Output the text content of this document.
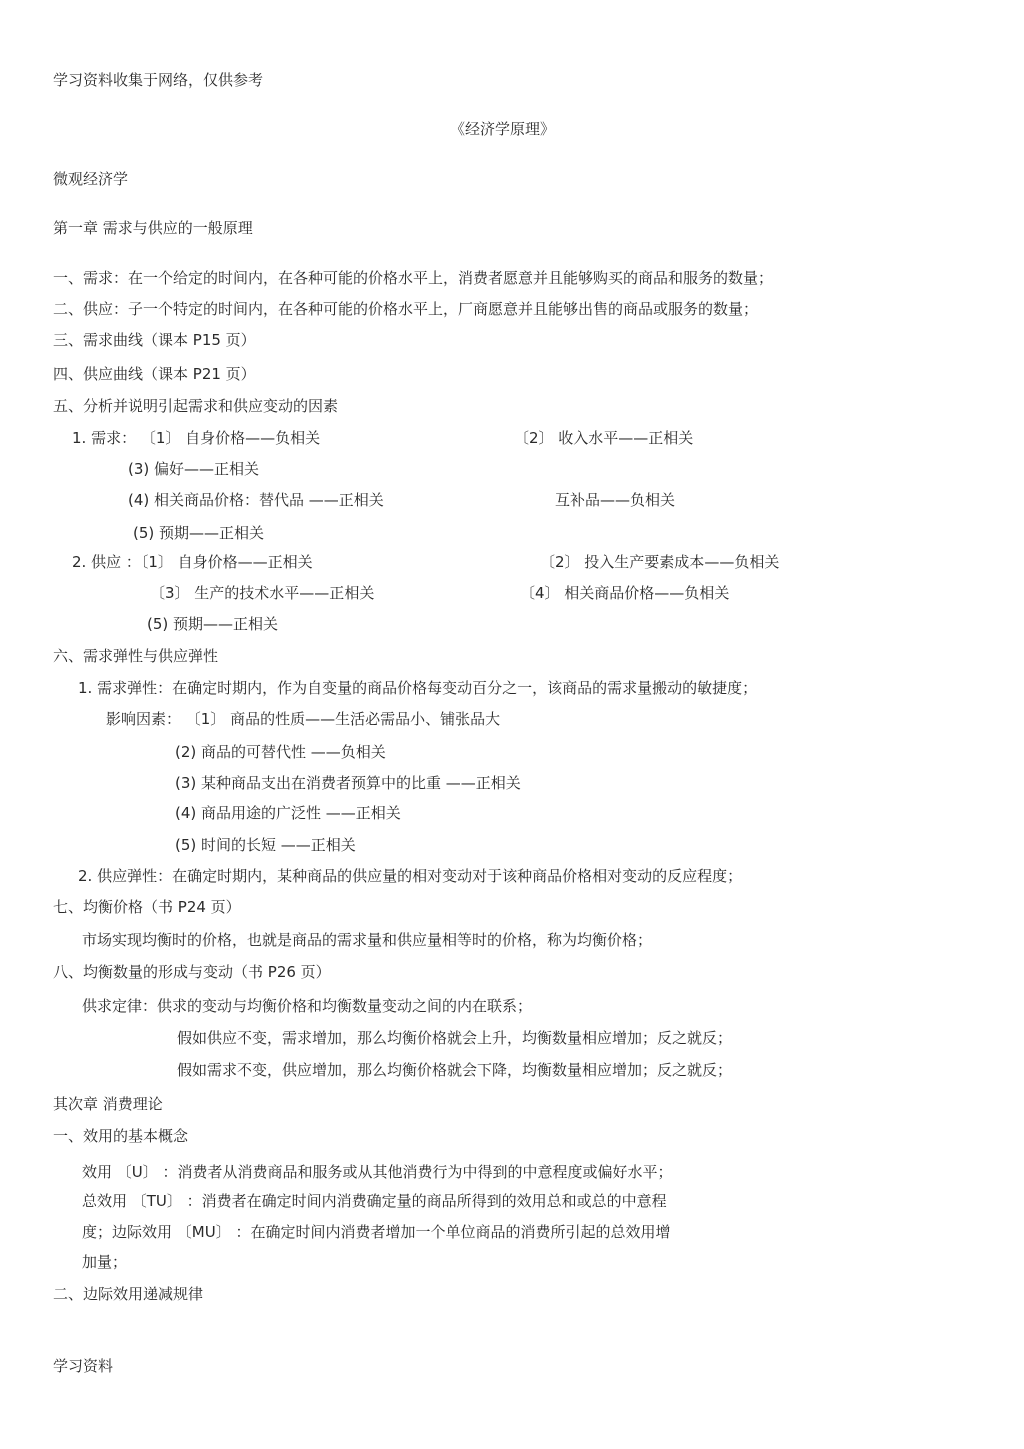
学习资料收集于网络，仅供参考
《经济学原理》
微观经济学
第一章 需求与供应的一般原理
一、需求：在一个给定的时间内，在各种可能的价格水平上，消费者愿意并且能够购买的商品和服务的数量；
二、供应：子一个特定的时间内，在各种可能的价格水平上，厂商愿意并且能够出售的商品或服务的数量；
三、需求曲线（课本 P15 页）
四、供应曲线（课本 P21 页）
五、分析并说明引起需求和供应变动的因素
1. 需求： 〔1〕 自身价格——负相关	〔2〕 收入水平——正相关
(3) 偏好——正相关
(4) 相关商品价格：替代品 ——正相关	互补品——负相关
(5) 预期——正相关
2. 供应 ：〔1〕 自身价格——正相关	〔2〕 投入生产要素成本——负相关
〔3〕 生产的技术水平——正相关	〔4〕 相关商品价格——负相关
(5) 预期——正相关
六、需求弹性与供应弹性
1. 需求弹性：在确定时期内，作为自变量的商品价格每变动百分之一，该商品的需求量搬动的敏捷度；
影响因素： 〔1〕 商品的性质——生活必需品小、铺张品大
(2) 商品的可替代性 ——负相关
(3) 某种商品支出在消费者预算中的比重 ——正相关
(4) 商品用途的广泛性 ——正相关
(5) 时间的长短 ——正相关
2. 供应弹性：在确定时期内，某种商品的供应量的相对变动对于该种商品价格相对变动的反应程度；
七、均衡价格（书 P24 页）
市场实现均衡时的价格，也就是商品的需求量和供应量相等时的价格，称为均衡价格；
八、均衡数量的形成与变动（书 P26 页）
供求定律：供求的变动与均衡价格和均衡数量变动之间的内在联系；
假如供应不变，需求增加，那么均衡价格就会上升，均衡数量相应增加；反之就反；
假如需求不变，供应增加，那么均衡价格就会下降，均衡数量相应增加；反之就反；
其次章 消费理论
一、效用的基本概念
效用 〔U〕 ：消费者从消费商品和服务或从其他消费行为中得到的中意程度或偏好水平；
总效用 〔TU〕 ：消费者在确定时间内消费确定量的商品所得到的效用总和或总的中意程
度；边际效用 〔MU〕 ：在确定时间内消费者增加一个单位商品的消费所引起的总效用增
加量；
二、边际效用递减规律
学习资料
